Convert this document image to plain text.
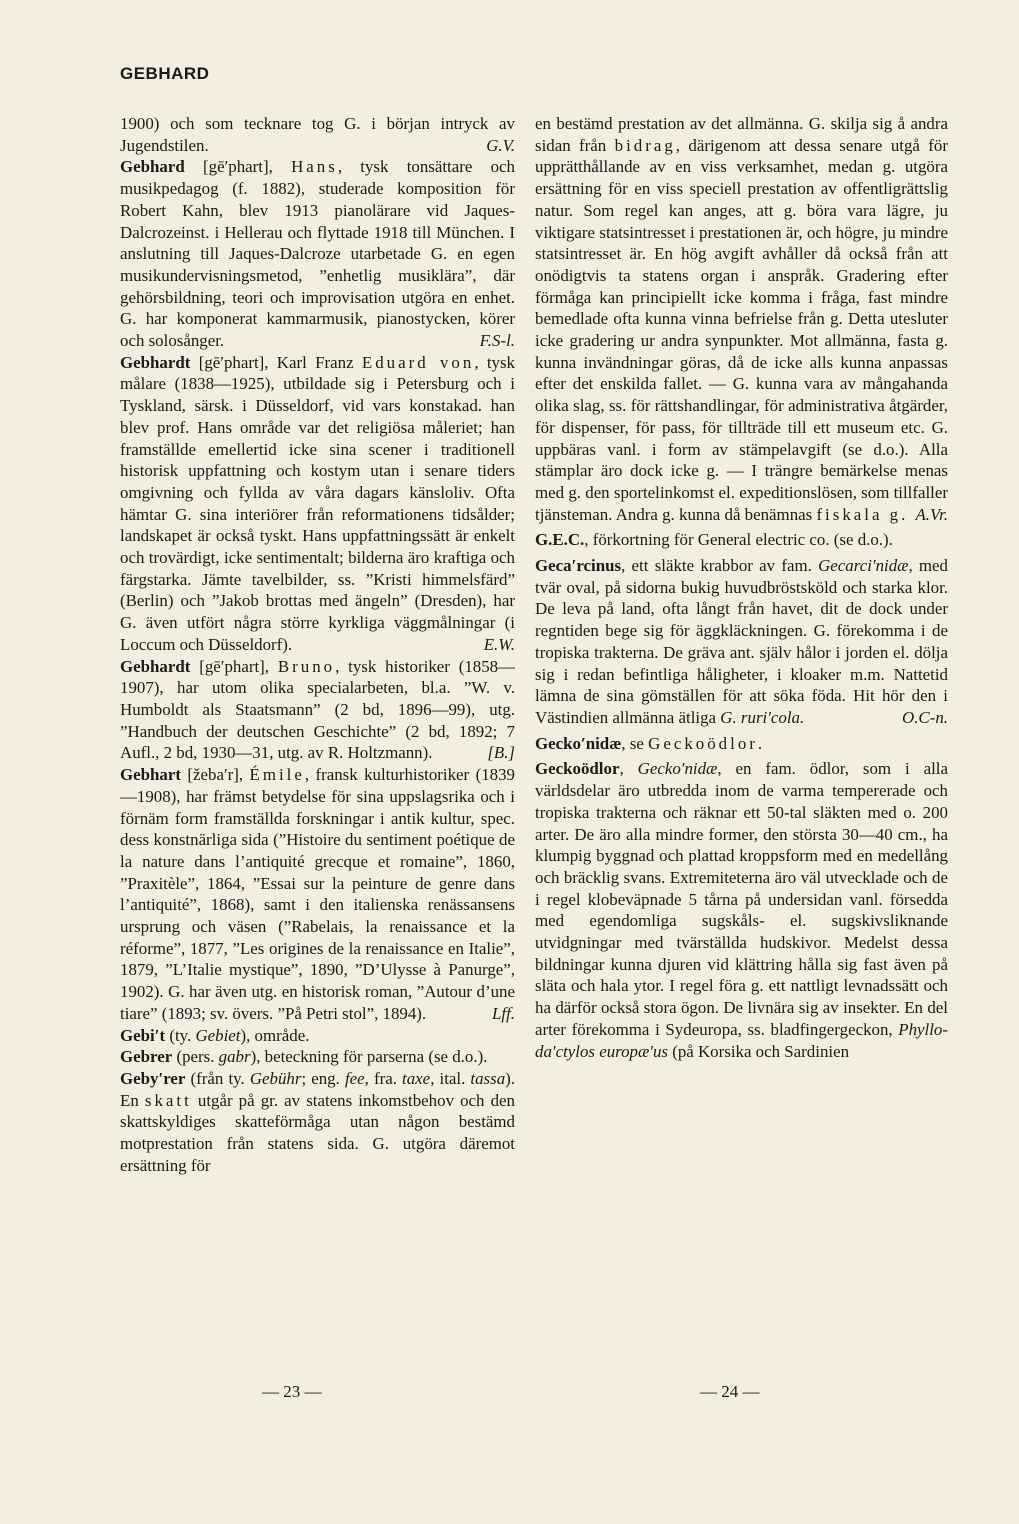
GEBHARD

1900) och som tecknare tog G. i början intryck av Jugendstilen.	G.V.

Gebhard [gē′phart], Hans, tysk tonsättare och musikpedagog (f. 1882), studerade komposition för Robert Kahn, blev 1913 pianolärare vid Jaques-Dalcrozeinst. i Hellerau och flyttade 1918 till München. I anslutning till Jaques-Dalcroze utarbetade G. en egen musikundervisningsmetod, ”enhetlig musiklära”, där gehörsbildning, teori och improvisation utgöra en enhet. G. har komponerat kammarmusik, pianostycken, körer och solosånger.	F.S-l.

Gebhardt [gē′phart], Karl Franz Eduard von, tysk målare (1838—1925), utbildade sig i Petersburg och i Tyskland, särsk. i Düsseldorf, vid vars konstakad. han blev prof. Hans område var det religiösa måleriet; han framställde emellertid icke sina scener i traditionell historisk uppfattning och kostym utan i senare tiders omgivning och fyllda av våra dagars känsloliv. Ofta hämtar G. sina interiörer från reformationens tidsålder; landskapet är också tyskt. Hans uppfattningssätt är enkelt och trovärdigt, icke sentimentalt; bilderna äro kraftiga och färgstarka. Jämte tavelbilder, ss. ”Kristi himmelsfärd” (Berlin) och ”Jakob brottas med ängeln” (Dresden), har G. även utfört några större kyrkliga väggmålningar (i Loccum och Düsseldorf).	E.W.

Gebhardt [gē′phart], Bruno, tysk historiker (1858—1907), har utom olika specialarbeten, bl.a. ”W. v. Humboldt als Staatsmann” (2 bd, 1896—99), utg. ”Handbuch der deutschen Geschichte” (2 bd, 1892; 7 Aufl., 2 bd, 1930—31, utg. av R. Holtzmann).	[B.]

Gebhart [žeba′r], Émile, fransk kulturhistoriker (1839—1908), har främst betydelse för sina uppslagsrika och i förnäm form framställda forskningar i antik kultur, spec. dess konstnärliga sida (”Histoire du sentiment poétique de la nature dans l’antiquité grecque et romaine”, 1860, ”Praxitèle”, 1864, ”Essai sur la peinture de genre dans l’antiquité”, 1868), samt i den italienska renässansens ursprung och väsen (”Rabelais, la renaissance et la réforme”, 1877, ”Les origines de la renaissance en Italie”, 1879, ”L’Italie mystique”, 1890, ”D’Ulysse à Panurge”, 1902). G. har även utg. en historisk roman, ”Autour d’une tiare” (1893; sv. övers. ”På Petri stol”, 1894).	Lff.

Gebi′t (ty. Gebiet), område.

Gebrer (pers. gabr), beteckning för parserna (se d.o.).

Geby′rer (från ty. Gebühr; eng. fee, fra. taxe, ital. tassa). En skatt utgår på gr. av statens inkomstbehov och den skattskyldiges skatteförmåga utan någon bestämd motprestation från statens sida. G. utgöra däremot ersättning för

en bestämd prestation av det allmänna. G. skilja sig å andra sidan från bidrag, därigenom att dessa senare utgå för upprätthållande av en viss verksamhet, medan g. utgöra ersättning för en viss speciell prestation av offentligrättslig natur. Som regel kan anges, att g. böra vara lägre, ju viktigare statsintresset i prestationen är, och högre, ju mindre statsintresset är. En hög avgift avhåller då också från att onödigtvis ta statens organ i anspråk. Gradering efter förmåga kan principiellt icke komma i fråga, fast mindre bemedlade ofta kunna vinna befrielse från g. Detta utesluter icke gradering ur andra synpunkter. Mot allmänna, fasta g. kunna invändningar göras, då de icke alls kunna anpassas efter det enskilda fallet. — G. kunna vara av mångahanda olika slag, ss. för rättshandlingar, för administrativa åtgärder, för dispenser, för pass, för tillträde till ett museum etc. G. uppbäras vanl. i form av stämpelavgift (se d.o.). Alla stämplar äro dock icke g. — I trängre bemärkelse menas med g. den sportelinkomst el. expeditionslösen, som tillfaller tjänsteman. Andra g. kunna då benämnas fiskala g. A.Vr.

G.E.C., förkortning för General electric co. (se d.o.).

Geca′rcinus, ett släkte krabbor av fam. Gecarci′nidæ, med tvär oval, på sidorna bukig huvudbröstsköld och starka klor. De leva på land, ofta långt från havet, dit de dock under regntiden bege sig för äggkläckningen. G. förekomma i de tropiska trakterna. De gräva ant. själv hålor i jorden el. dölja sig i redan befintliga håligheter, i kloaker m.m. Nattetid lämna de sina gömställen för att söka föda. Hit hör den i Västindien allmänna ätliga G. ruri′cola.	O.C-n.

Gecko′nidæ, se Geckoödlor.

Geckoödlor, Gecko′nidæ, en fam. ödlor, som i alla världsdelar äro utbredda inom de varma tempererade och tropiska trakterna och räknar ett 50-tal släkten med o. 200 arter. De äro alla mindre former, den största 30—40 cm., ha klumpig byggnad och plattad kroppsform med en medellång och bräcklig svans. Extremiteterna äro väl utvecklade och de i regel klobeväpnade 5 tårna på undersidan vanl. försedda med egendomliga sugskåls- el. sugskivsliknande utvidgningar med tvärställda hudskivor. Medelst dessa bildningar kunna djuren vid klättring hålla sig fast även på släta och hala ytor. I regel föra g. ett nattligt levnadssätt och ha därför också stora ögon. De livnära sig av insekter. En del arter förekomma i Sydeuropa, ss. bladfingergeckon, Phyllo-da′ctylos europæ′us (på Korsika och Sardinien

— 23 —	— 24 —
